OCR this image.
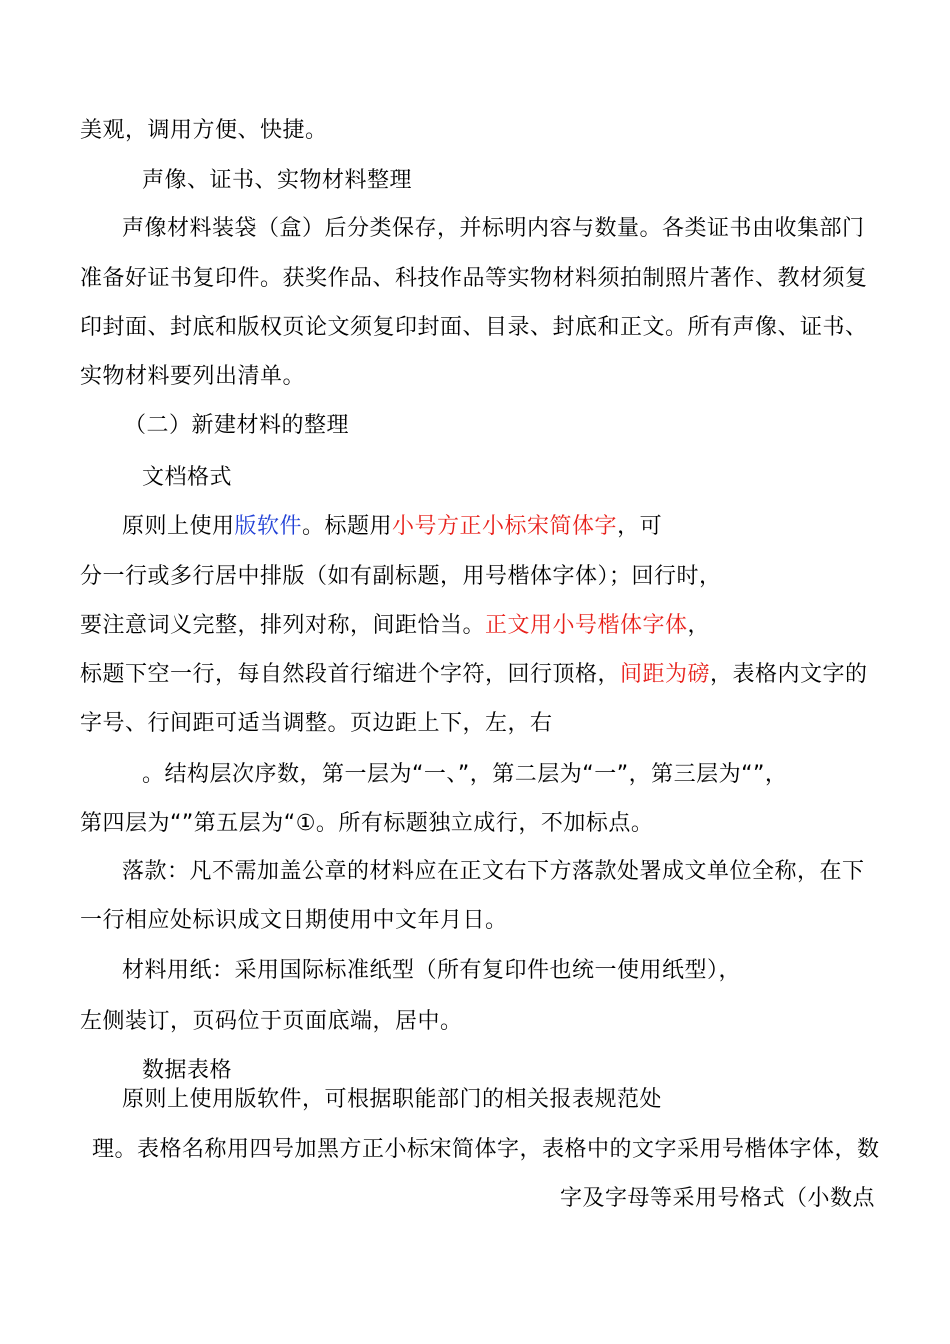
美观，调用方便、快捷。
声像、证书、实物材料整理
声像材料装袋（盒）后分类保存，并标明内容与数量。各类证书由收集部门
准备好证书复印件。获奖作品、科技作品等实物材料须拍制照片著作、教材须复
印封面、封底和版权页论文须复印封面、目录、封底和正文。所有声像、证书、
实物材料要列出清单。
（二）新建材料的整理
文档格式
原则上使用版软件。标题用小号方正小标宋简体字，可
分一行或多行居中排版（如有副标题，用号楷体字体）；回行时，
要注意词义完整，排列对称，间距恰当。正文用小号楷体字体，
标题下空一行，每自然段首行缩进个字符，回行顶格，间距为磅，表格内文字的
字号、行间距可适当调整。页边距上下，左，右
。结构层次序数，第一层为“一、”，第二层为“一”，第三层为“”，
第四层为“”第五层为“①。所有标题独立成行，不加标点。
落款：凡不需加盖公章的材料应在正文右下方落款处署成文单位全称，在下
一行相应处标识成文日期使用中文年月日。
材料用纸：采用国际标准纸型（所有复印件也统一使用纸型），
左侧装订，页码位于页面底端，居中。
数据表格
原则上使用版软件，可根据职能部门的相关报表规范处
理。表格名称用四号加黑方正小标宋简体字，表格中的文字采用号楷体字体，数
字及字母等采用号格式（小数点
